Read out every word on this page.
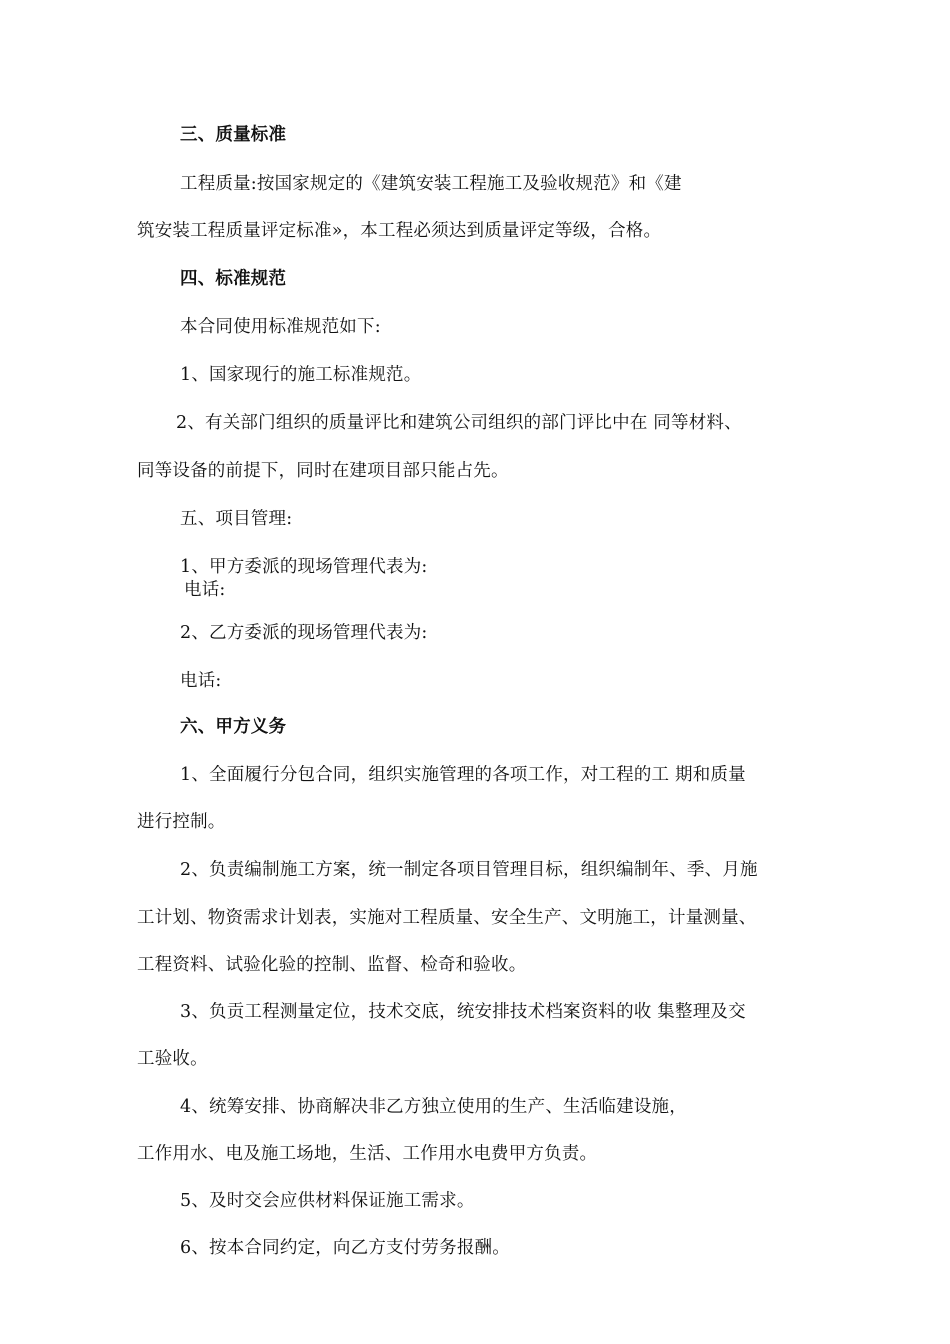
三、质量标准
工程质量:按国家规定的《建筑安装工程施工及验收规范》和《建
筑安装工程质量评定标准»，本工程必须达到质量评定等级，合格。
四、标准规范
本合同使用标准规范如下:
1、国家现行的施工标准规范。
2、有关部门组织的质量评比和建筑公司组织的部门评比中在 同等材料、
同等设备的前提下，同时在建项目部只能占先。
五、项目管理:
1、甲方委派的现场管理代表为:
电话:
2、乙方委派的现场管理代表为:
电话:
六、甲方义务
1、全面履行分包合同，组织实施管理的各项工作，对工程的工 期和质量
进行控制。
2、负责编制施工方案，统一制定各项目管理目标，组织编制年、季、月施
工计划、物资需求计划表，实施对工程质量、安全生产、文明施工，计量测量、
工程资料、试验化验的控制、监督、检奇和验收。
3、负贡工程测量定位，技术交底，统安排技术档案资料的收 集整理及交
工验收。
4、统筹安排、协商解决非乙方独立使用的生产、生活临建设施，
工作用水、电及施工场地，生活、工作用水电费甲方负责。
5、及时交会应供材料保证施工需求。
6、按本合同约定，向乙方支付劳务报酬。
